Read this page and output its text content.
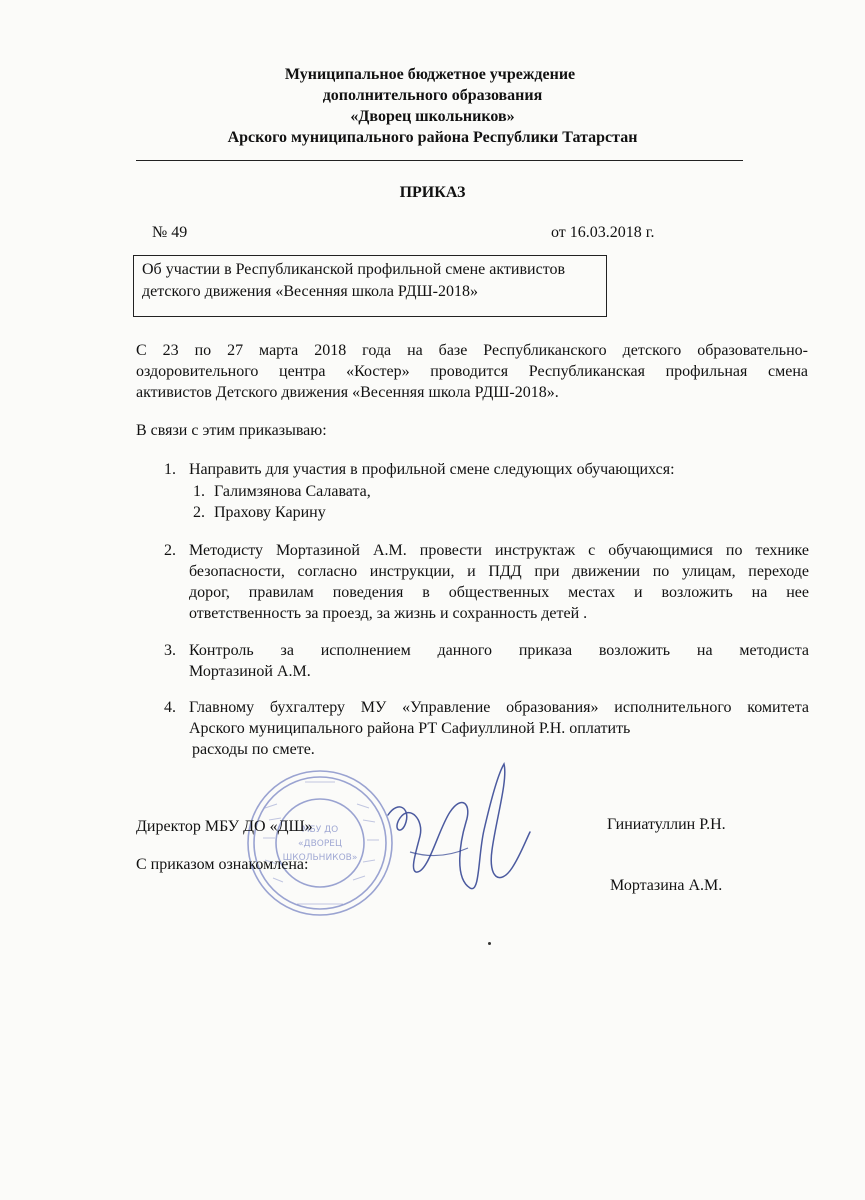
Муниципальное бюджетное учреждение
дополнительного образования
«Дворец школьников»
Арского муниципального района Республики Татарстан
ПРИКАЗ
№ 49	от 16.03.2018 г.
Об участии в Республиканской профильной смене активистов
детского движения «Весенняя школа РДШ-2018»
С 23 по 27 марта 2018 года на базе Республиканского детского образовательно-
оздоровительного центра «Костер» проводится Республиканская профильная смена
активистов Детского движения «Весенняя школа РДШ-2018».
В связи с этим приказываю:
1. Направить для участия в профильной смене следующих обучающихся:
1. Галимзянова Салавата,
2. Прахову Карину
2. Методисту Мортазиной А.М. провести инструктаж с обучающимися по технике
безопасности, согласно инструкции, и ПДД при движении по улицам, переходе
дорог, правилам поведения в общественных местах и возложить на нее
ответственность за проезд, за жизнь и сохранность детей .
3. Контроль за исполнением данного приказа возложить на методиста
Мортазиной А.М.
4. Главному бухгалтеру МУ «Управление образования» исполнительного комитета
Арского муниципального района РТ Сафиуллиной Р.Н. оплатить
расходы по смете.
МБУ ДО
«ДВОРЕЦ
ШКОЛЬНИКОВ»
Директор МБУ ДО «ДШ»	Гиниатуллин Р.Н.
С приказом ознакомлена:
Мортазина А.М.
